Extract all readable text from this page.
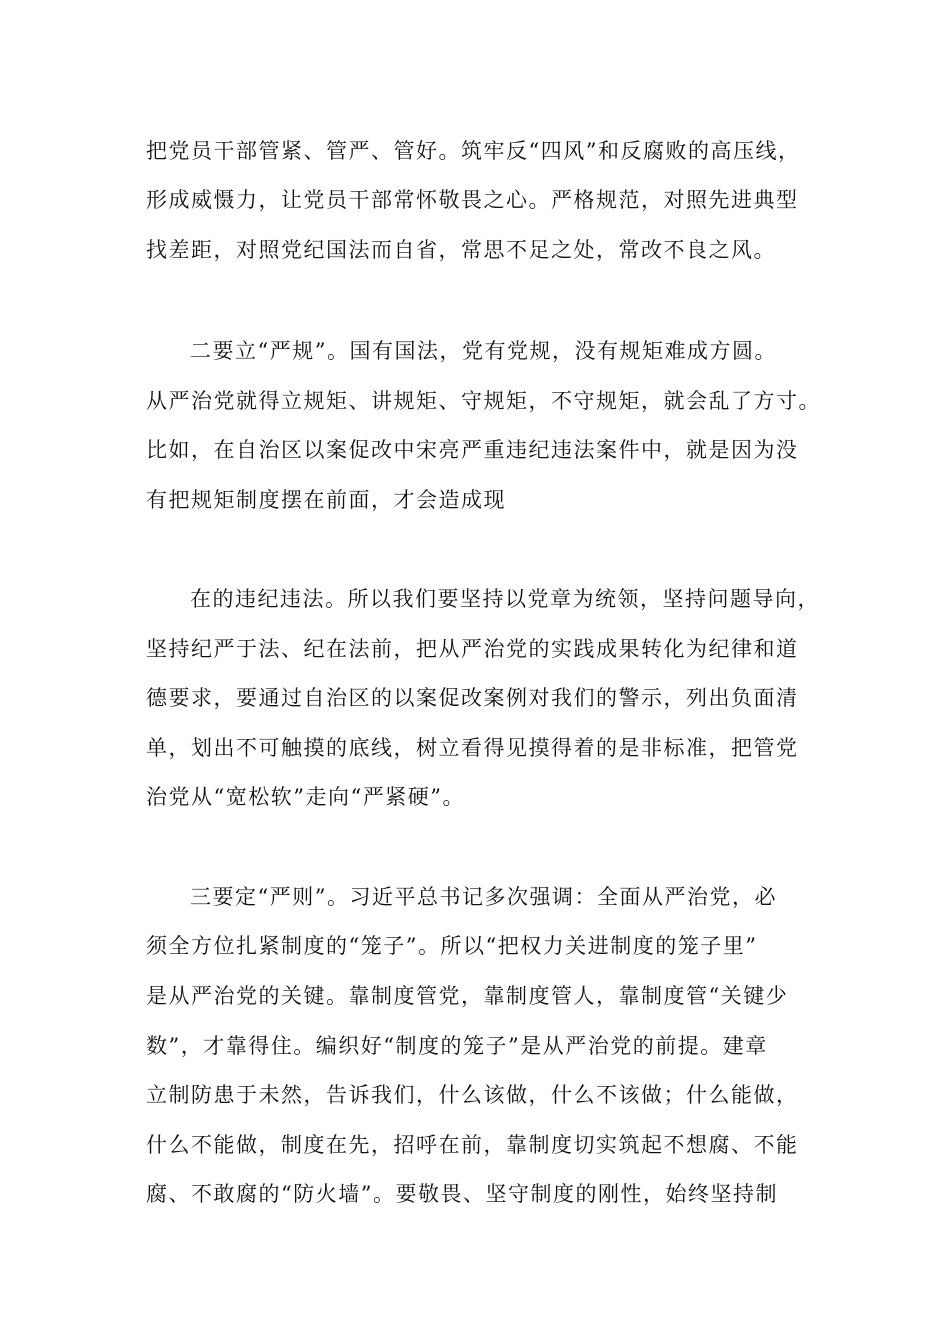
把党员干部管紧、管严、管好。筑牢反“四风”和反腐败的高压线，
形成威慑力，让党员干部常怀敬畏之心。严格规范，对照先进典型
找差距，对照党纪国法而自省，常思不足之处，常改不良之风。
二要立“严规”。国有国法，党有党规，没有规矩难成方圆。
从严治党就得立规矩、讲规矩、守规矩，不守规矩，就会乱了方寸。
比如，在自治区以案促改中宋亮严重违纪违法案件中，就是因为没
有把规矩制度摆在前面，才会造成现
在的违纪违法。所以我们要坚持以党章为统领，坚持问题导向，
坚持纪严于法、纪在法前，把从严治党的实践成果转化为纪律和道
德要求，要通过自治区的以案促改案例对我们的警示，列出负面清
单，划出不可触摸的底线，树立看得见摸得着的是非标准，把管党
治党从“宽松软”走向“严紧硬”。
三要定“严则”。习近平总书记多次强调：全面从严治党，必
须全方位扎紧制度的“笼子”。所以“把权力关进制度的笼子里”
是从严治党的关键。靠制度管党，靠制度管人，靠制度管“关键少
数”，才靠得住。编织好“制度的笼子”是从严治党的前提。建章
立制防患于未然，告诉我们，什么该做，什么不该做；什么能做，
什么不能做，制度在先，招呼在前，靠制度切实筑起不想腐、不能
腐、不敢腐的“防火墙”。要敬畏、坚守制度的刚性，始终坚持制
